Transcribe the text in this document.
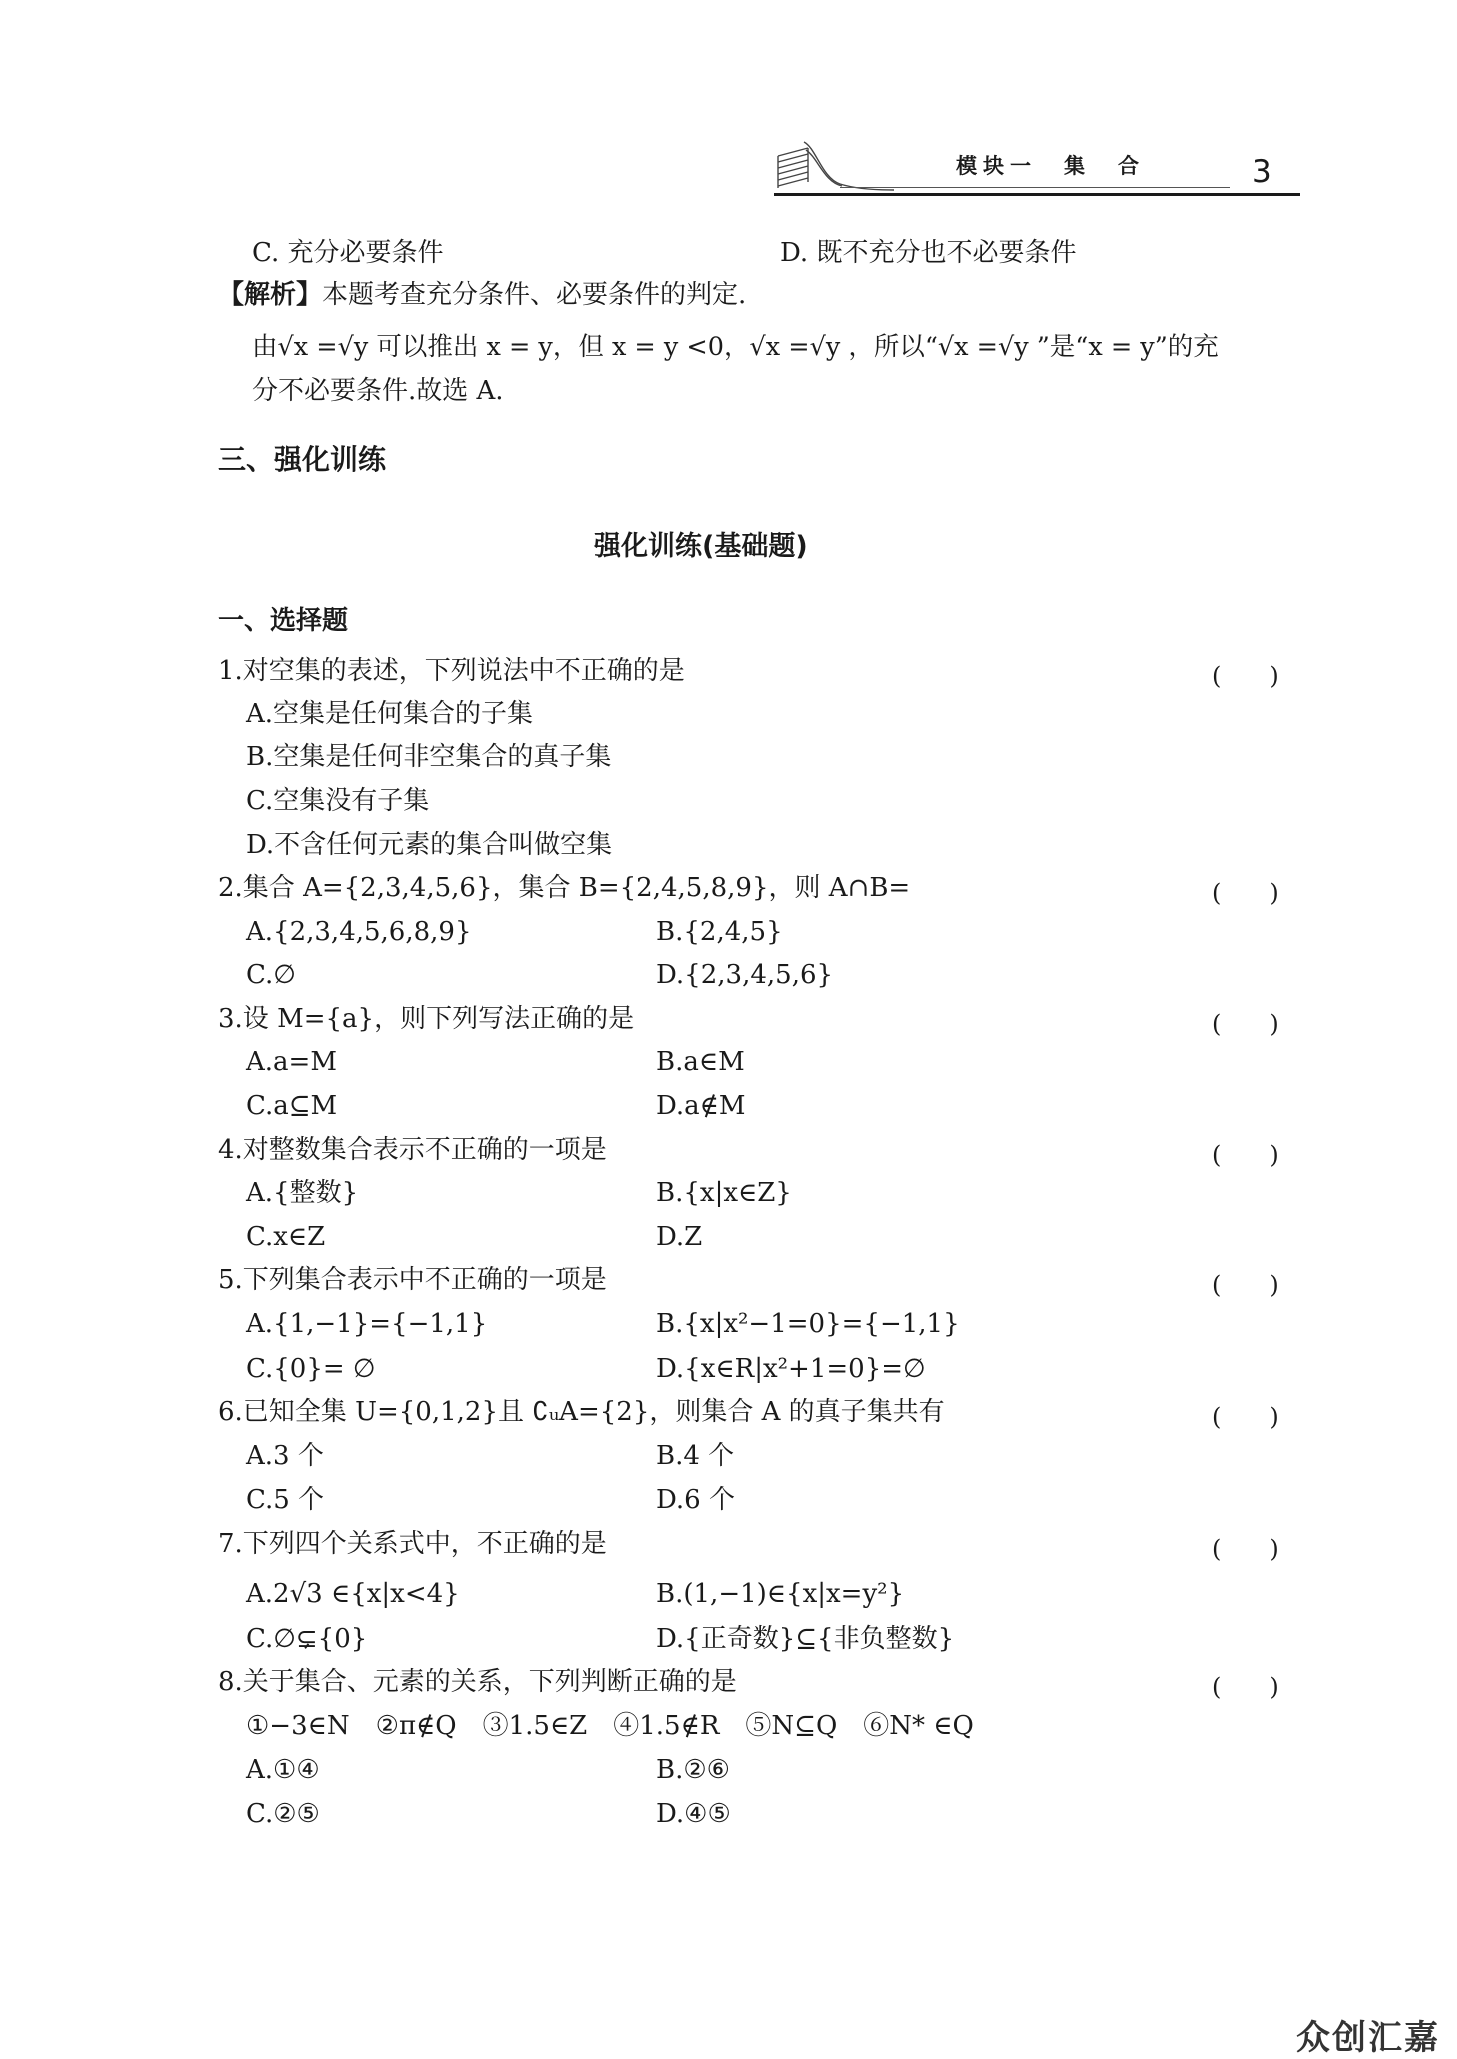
模块一　集　合	3
C. 充分必要条件	D. 既不充分也不必要条件
【解析】本题考查充分条件、必要条件的判定.
由√x =√y 可以推出 x = y，但 x = y <0，√x =√y ，所以“√x =√y ”是“x = y”的充
分不必要条件.故选 A.
三、强化训练
强化训练(基础题)
一、选择题
1.对空集的表述，下列说法中不正确的是	(　　)
A.空集是任何集合的子集
B.空集是任何非空集合的真子集
C.空集没有子集
D.不含任何元素的集合叫做空集
2.集合 A={2,3,4,5,6}，集合 B={2,4,5,8,9}，则 A∩B=	(　　)
A.{2,3,4,5,6,8,9}	B.{2,4,5}
C.∅	D.{2,3,4,5,6}
3.设 M={a}，则下列写法正确的是	(　　)
A.a=M	B.a∈M
C.a⊆M	D.a∉M
4.对整数集合表示不正确的一项是	(　　)
A.{整数}	B.{x|x∈Z}
C.x∈Z	D.Z
5.下列集合表示中不正确的一项是	(　　)
A.{1,−1}={−1,1}	B.{x|x²−1=0}={−1,1}
C.{0}= ∅	D.{x∈R|x²+1=0}=∅
6.已知全集 U={0,1,2}且 ∁ᵤA={2}，则集合 A 的真子集共有	(　　)
A.3 个	B.4 个
C.5 个	D.6 个
7.下列四个关系式中，不正确的是	(　　)
A.2√3 ∈{x|x<4}	B.(1,−1)∈{x|x=y²}
C.∅⊊{0}	D.{正奇数}⊆{非负整数}
8.关于集合、元素的关系，下列判断正确的是	(　　)
①−3∈N　②π∉Q　③1.5∈Z　④1.5∉R　⑤N⊆Q　⑥N* ∈Q
A.①④	B.②⑥
C.②⑤	D.④⑤
众创汇嘉
